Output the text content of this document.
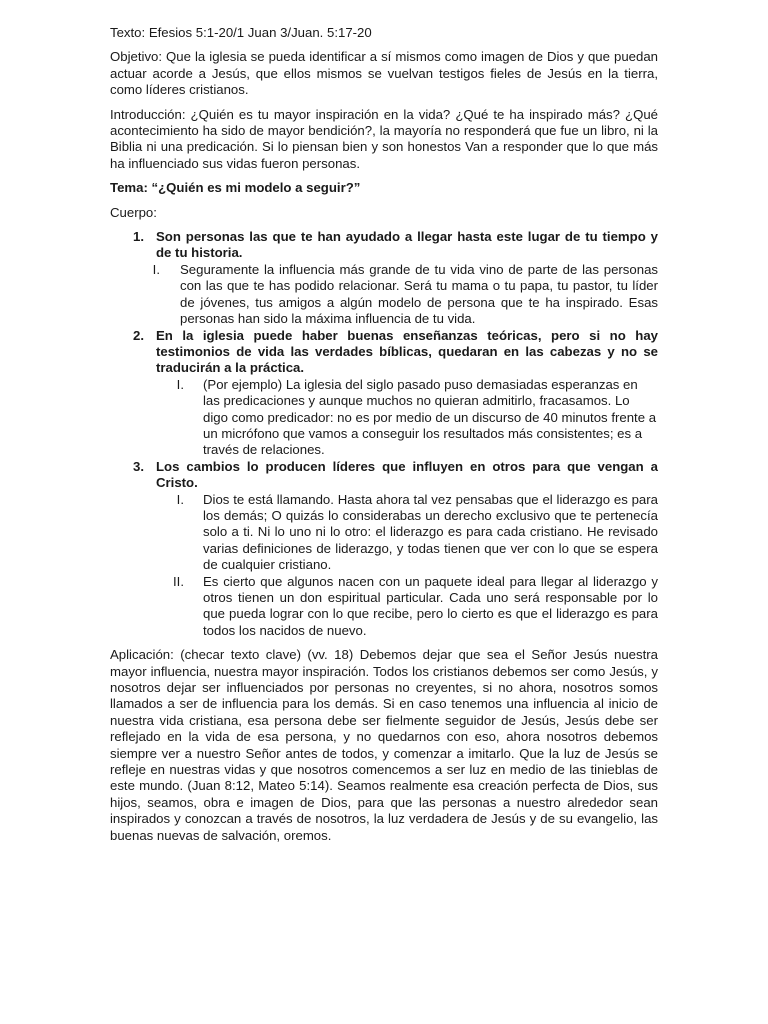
Texto: Efesios 5:1-20/1 Juan 3/Juan. 5:17-20

Objetivo: Que la iglesia se pueda identificar a sí mismos como imagen de Dios y que puedan actuar acorde a Jesús, que ellos mismos se vuelvan testigos fieles de Jesús en la tierra, como líderes cristianos.

Introducción: ¿Quién es tu mayor inspiración en la vida? ¿Qué te ha inspirado más? ¿Qué acontecimiento ha sido de mayor bendición?, la mayoría no responderá que fue un libro, ni la Biblia ni una predicación. Si lo piensan bien y son honestos Van a responder que lo que más ha influenciado sus vidas fueron personas.

Tema: “¿Quién es mi modelo a seguir?”

Cuerpo:

1. Son personas las que te han ayudado a llegar hasta este lugar de tu tiempo y de tu historia.
I. Seguramente la influencia más grande de tu vida vino de parte de las personas con las que te has podido relacionar. Será tu mama o tu papa, tu pastor, tu líder de jóvenes, tus amigos a algún modelo de persona que te ha inspirado. Esas personas han sido la máxima influencia de tu vida.
2. En la iglesia puede haber buenas enseñanzas teóricas, pero si no hay testimonios de vida las verdades bíblicas, quedaran en las cabezas y no se traducirán a la práctica.
I. (Por ejemplo) La iglesia del siglo pasado puso demasiadas esperanzas en las predicaciones y aunque muchos no quieran admitirlo, fracasamos. Lo digo como predicador: no es por medio de un discurso de 40 minutos frente a un micrófono que vamos a conseguir los resultados más consistentes; es a través de relaciones.
3. Los cambios lo producen líderes que influyen en otros para que vengan a Cristo.
I. Dios te está llamando. Hasta ahora tal vez pensabas que el liderazgo es para los demás; O quizás lo considerabas un derecho exclusivo que te pertenecía solo a ti. Ni lo uno ni lo otro: el liderazgo es para cada cristiano. He revisado varias definiciones de liderazgo, y todas tienen que ver con lo que se espera de cualquier cristiano.
II. Es cierto que algunos nacen con un paquete ideal para llegar al liderazgo y otros tienen un don espiritual particular. Cada uno será responsable por lo que pueda lograr con lo que recibe, pero lo cierto es que el liderazgo es para todos los nacidos de nuevo.

Aplicación: (checar texto clave) (vv. 18) Debemos dejar que sea el Señor Jesús nuestra mayor influencia, nuestra mayor inspiración. Todos los cristianos debemos ser como Jesús, y nosotros dejar ser influenciados por personas no creyentes, si no ahora, nosotros somos llamados a ser de influencia para los demás. Si en caso tenemos una influencia al inicio de nuestra vida cristiana, esa persona debe ser fielmente seguidor de Jesús, Jesús debe ser reflejado en la vida de esa persona, y no quedarnos con eso, ahora nosotros debemos siempre ver a nuestro Señor antes de todos, y comenzar a imitarlo. Que la luz de Jesús se refleje en nuestras vidas y que nosotros comencemos a ser luz en medio de las tinieblas de este mundo. (Juan 8:12, Mateo 5:14). Seamos realmente esa creación perfecta de Dios, sus hijos, seamos, obra e imagen de Dios, para que las personas a nuestro alrededor sean inspirados y conozcan a través de nosotros, la luz verdadera de Jesús y de su evangelio, las buenas nuevas de salvación, oremos.
